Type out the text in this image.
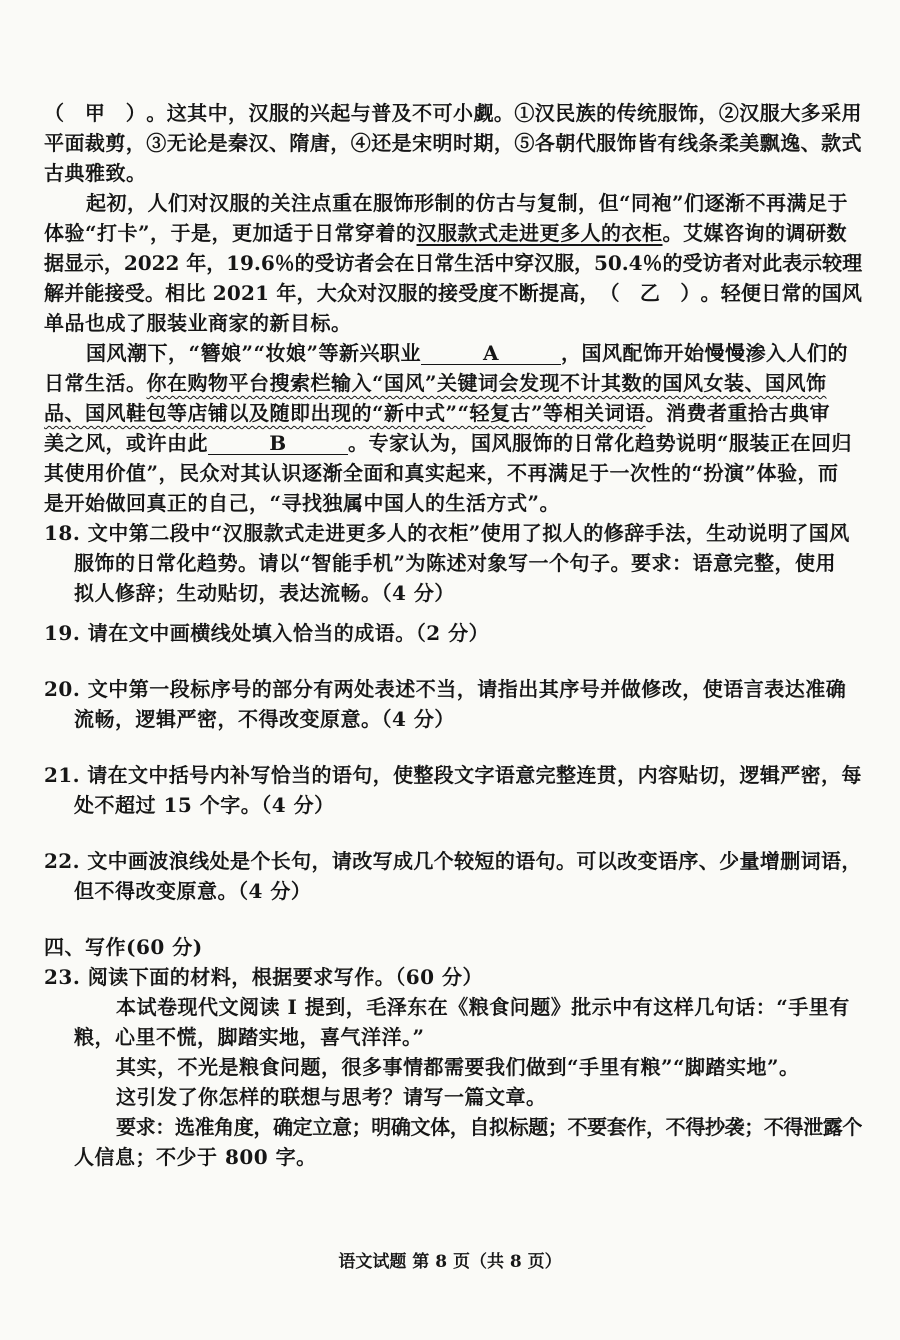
（　甲　）。这其中，汉服的兴起与普及不可小觑。①汉民族的传统服饰，②汉服大多采用

平面裁剪，③无论是秦汉、隋唐，④还是宋明时期，⑤各朝代服饰皆有线条柔美飘逸、款式

古典雅致。

起初，人们对汉服的关注点重在服饰形制的仿古与复制，但“同袍”们逐渐不再满足于

体验“打卡”，于是，更加适于日常穿着的汉服款式走进更多人的衣柜。艾媒咨询的调研数

据显示，2022 年，19.6％的受访者会在日常生活中穿汉服，50.4％的受访者对此表示较理

解并能接受。相比 2021 年，大众对汉服的接受度不断提高，（　乙　）。轻便日常的国风

单品也成了服装业商家的新目标。

国风潮下，“簪娘”“妆娘”等新兴职业	A	，国风配饰开始慢慢渗入人们的

日常生活。你在购物平台搜索栏输入“国风”关键词会发现不计其数的国风女装、国风饰

品、国风鞋包等店铺以及随即出现的“新中式”“轻复古”等相关词语。消费者重拾古典审

美之风，或许由此	B	。专家认为，国风服饰的日常化趋势说明“服装正在回归

其使用价值”，民众对其认识逐渐全面和真实起来，不再满足于一次性的“扮演”体验，而

是开始做回真正的自己，“寻找独属中国人的生活方式”。

18. 文中第二段中“汉服款式走进更多人的衣柜”使用了拟人的修辞手法，生动说明了国风

服饰的日常化趋势。请以“智能手机”为陈述对象写一个句子。要求：语意完整，使用

拟人修辞；生动贴切，表达流畅。（4 分）

19. 请在文中画横线处填入恰当的成语。（2 分）

20. 文中第一段标序号的部分有两处表述不当，请指出其序号并做修改，使语言表达准确

流畅，逻辑严密，不得改变原意。（4 分）

21. 请在文中括号内补写恰当的语句，使整段文字语意完整连贯，内容贴切，逻辑严密，每

处不超过 15 个字。（4 分）

22. 文中画波浪线处是个长句，请改写成几个较短的语句。可以改变语序、少量增删词语，

但不得改变原意。（4 分）

四、写作(60 分)

23. 阅读下面的材料，根据要求写作。（60 分）

本试卷现代文阅读 I 提到，毛泽东在《粮食问题》批示中有这样几句话：“手里有

粮，心里不慌，脚踏实地，喜气洋洋。”

其实，不光是粮食问题，很多事情都需要我们做到“手里有粮”“脚踏实地”。

这引发了你怎样的联想与思考？请写一篇文章。

要求：选准角度，确定立意；明确文体，自拟标题；不要套作，不得抄袭；不得泄露个

人信息；不少于 800 字。

语文试题 第 8 页（共 8 页）
